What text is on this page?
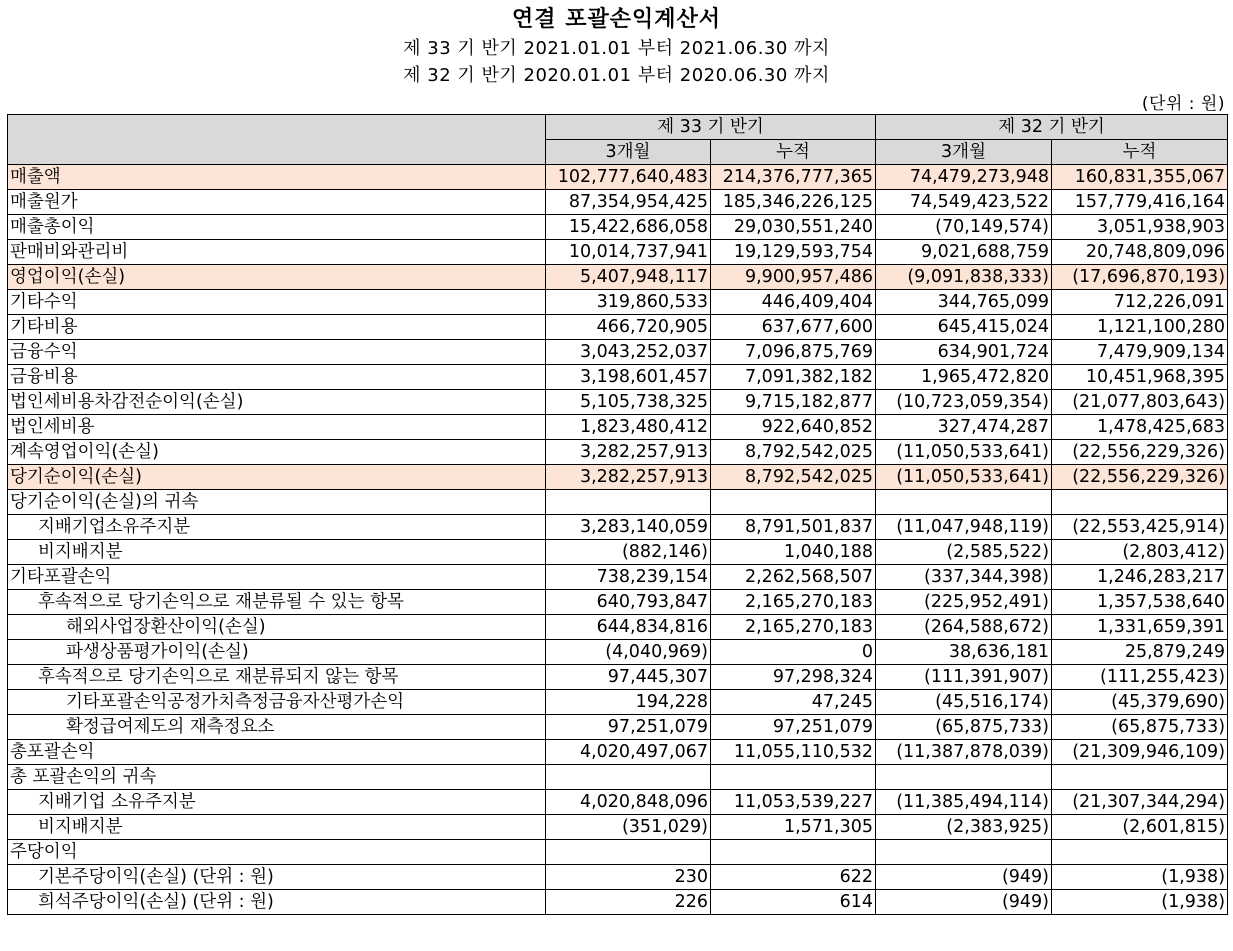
연결 포괄손익계산서
제 33 기 반기 2021.01.01 부터 2021.06.30 까지
제 32 기 반기 2020.01.01 부터 2020.06.30 까지
(단위 : 원)
	제 33 기 반기		제 32 기 반기	
	3개월	누적	3개월	누적
매출액	102,777,640,483	214,376,777,365	74,479,273,948	160,831,355,067
매출원가	87,354,954,425	185,346,226,125	74,549,423,522	157,779,416,164
매출총이익	15,422,686,058	29,030,551,240	(70,149,574)	3,051,938,903
판매비와관리비	10,014,737,941	19,129,593,754	9,021,688,759	20,748,809,096
영업이익(손실)	5,407,948,117	9,900,957,486	(9,091,838,333)	(17,696,870,193)
기타수익	319,860,533	446,409,404	344,765,099	712,226,091
기타비용	466,720,905	637,677,600	645,415,024	1,121,100,280
금융수익	3,043,252,037	7,096,875,769	634,901,724	7,479,909,134
금융비용	3,198,601,457	7,091,382,182	1,965,472,820	10,451,968,395
법인세비용차감전순이익(손실)	5,105,738,325	9,715,182,877	(10,723,059,354)	(21,077,803,643)
법인세비용	1,823,480,412	922,640,852	327,474,287	1,478,425,683
계속영업이익(손실)	3,282,257,913	8,792,542,025	(11,050,533,641)	(22,556,229,326)
당기순이익(손실)	3,282,257,913	8,792,542,025	(11,050,533,641)	(22,556,229,326)
당기순이익(손실)의 귀속				
지배기업소유주지분	3,283,140,059	8,791,501,837	(11,047,948,119)	(22,553,425,914)
비지배지분	(882,146)	1,040,188	(2,585,522)	(2,803,412)
기타포괄손익	738,239,154	2,262,568,507	(337,344,398)	1,246,283,217
후속적으로 당기손익으로 재분류될 수 있는 항목	640,793,847	2,165,270,183	(225,952,491)	1,357,538,640
해외사업장환산이익(손실)	644,834,816	2,165,270,183	(264,588,672)	1,331,659,391
파생상품평가이익(손실)	(4,040,969)	0	38,636,181	25,879,249
후속적으로 당기손익으로 재분류되지 않는 항목	97,445,307	97,298,324	(111,391,907)	(111,255,423)
기타포괄손익공정가치측정금융자산평가손익	194,228	47,245	(45,516,174)	(45,379,690)
확정급여제도의 재측정요소	97,251,079	97,251,079	(65,875,733)	(65,875,733)
총포괄손익	4,020,497,067	11,055,110,532	(11,387,878,039)	(21,309,946,109)
총 포괄손익의 귀속				
지배기업 소유주지분	4,020,848,096	11,053,539,227	(11,385,494,114)	(21,307,344,294)
비지배지분	(351,029)	1,571,305	(2,383,925)	(2,601,815)
주당이익				
기본주당이익(손실) (단위 : 원)	230	622	(949)	(1,938)
희석주당이익(손실) (단위 : 원)	226	614	(949)	(1,938)
